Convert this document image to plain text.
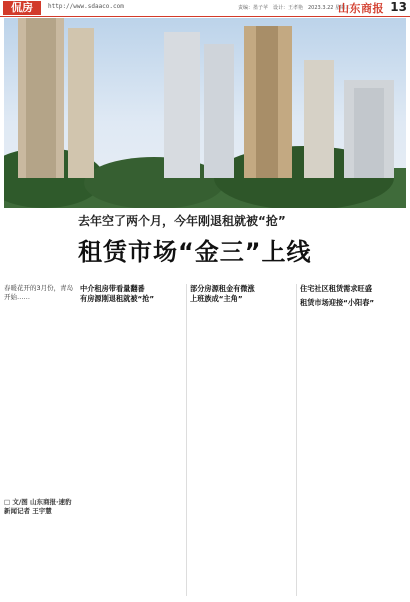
侃房	http://www.sdaaco.com	责编：墨子苹　设计：王孝艳　2023.3.22 星期三
山东商报 13
去年空了两个月，今年刚退租就被“抢”
租赁市场“金三”上线
春暖花开的3月份，青岛开始……
□ 文/图 山东商报·速豹新闻记者 王宇慧
中介租房带看量翻番
有房源刚退租就被“抢”
部分房源租金有微涨
上班族成“主角”
住宅社区租赁需求旺盛
租赁市场迎接“小阳春”
